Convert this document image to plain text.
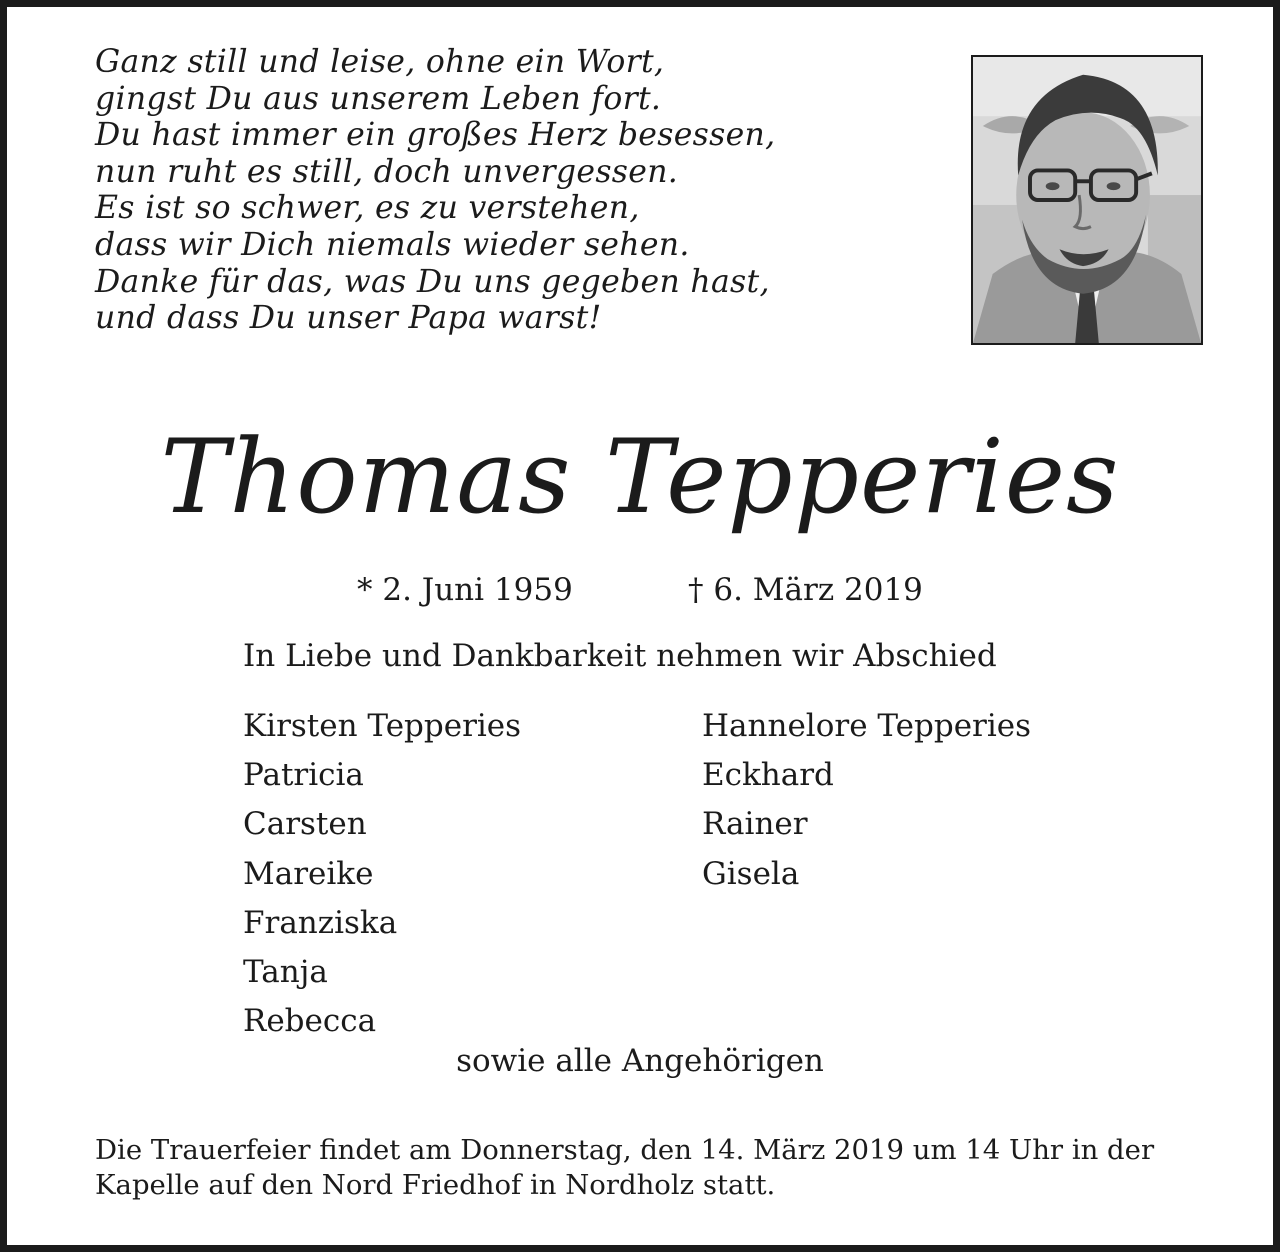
Ganz still und leise, ohne ein Wort,
gingst Du aus unserem Leben fort.
Du hast immer ein großes Herz besessen,
nun ruht es still, doch unvergessen.
Es ist so schwer, es zu verstehen,
dass wir Dich niemals wieder sehen.
Danke für das, was Du uns gegeben hast,
und dass Du unser Papa warst!
Thomas Tepperies
* 2. Juni 1959	† 6. März 2019
In Liebe und Dankbarkeit nehmen wir Abschied
Kirsten Tepperies
Patricia
Carsten
Mareike
Franziska
Tanja
Rebecca
Hannelore Tepperies
Eckhard
Rainer
Gisela
sowie alle Angehörigen
Die Trauerfeier findet am Donnerstag, den 14. März 2019 um 14 Uhr in der
Kapelle auf den Nord Friedhof in Nordholz statt.
